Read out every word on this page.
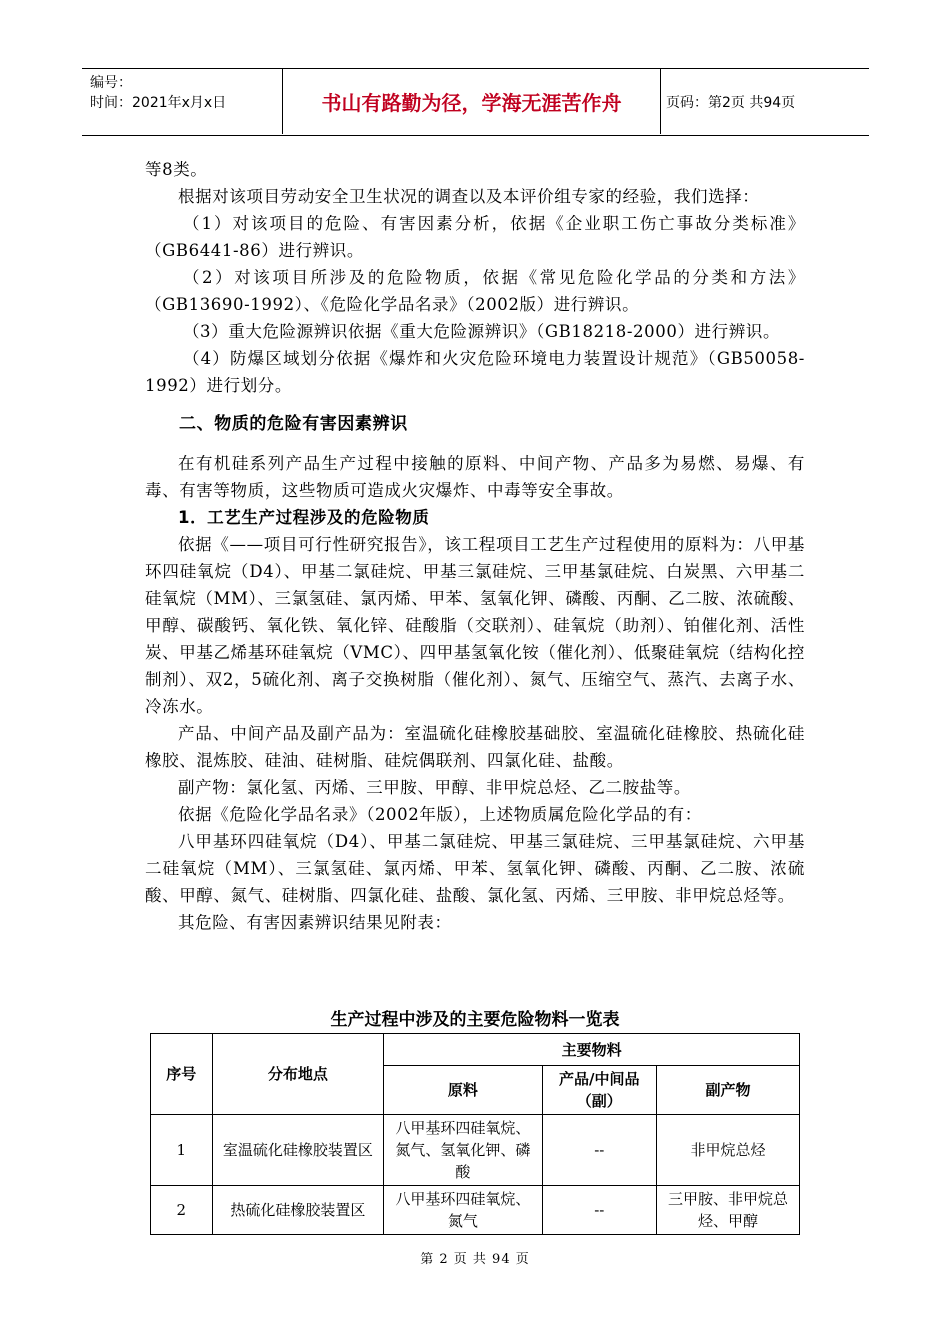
编号：
时间：2021年x月x日	书山有路勤为径，学海无涯苦作舟	页码：第2页 共94页

等8类。

根据对该项目劳动安全卫生状况的调查以及本评价组专家的经验，我们选择：

（1）对该项目的危险、有害因素分析，依据《企业职工伤亡事故分类标准》（GB6441-86）进行辨识。

（2）对该项目所涉及的危险物质，依据《常见危险化学品的分类和方法》（GB13690-1992）、《危险化学品名录》（2002版）进行辨识。

（3）重大危险源辨识依据《重大危险源辨识》（GB18218-2000）进行辨识。

（4）防爆区域划分依据《爆炸和火灾危险环境电力装置设计规范》（GB50058-1992）进行划分。

二、物质的危险有害因素辨识

在有机硅系列产品生产过程中接触的原料、中间产物、产品多为易燃、易爆、有毒、有害等物质，这些物质可造成火灾爆炸、中毒等安全事故。

1．工艺生产过程涉及的危险物质

依据《——项目可行性研究报告》，该工程项目工艺生产过程使用的原料为：八甲基环四硅氧烷（D4）、甲基二氯硅烷、甲基三氯硅烷、三甲基氯硅烷、白炭黑、六甲基二硅氧烷（MM）、三氯氢硅、氯丙烯、甲苯、氢氧化钾、磷酸、丙酮、乙二胺、浓硫酸、甲醇、碳酸钙、氧化铁、氧化锌、硅酸脂（交联剂）、硅氧烷（助剂）、铂催化剂、活性炭、甲基乙烯基环硅氧烷（VMC）、四甲基氢氧化铵（催化剂）、低聚硅氧烷（结构化控制剂）、双2，5硫化剂、离子交换树脂（催化剂）、氮气、压缩空气、蒸汽、去离子水、冷冻水。

产品、中间产品及副产品为：室温硫化硅橡胶基础胶、室温硫化硅橡胶、热硫化硅橡胶、混炼胶、硅油、硅树脂、硅烷偶联剂、四氯化硅、盐酸。

副产物：氯化氢、丙烯、三甲胺、甲醇、非甲烷总烃、乙二胺盐等。

依据《危险化学品名录》（2002年版），上述物质属危险化学品的有：

八甲基环四硅氧烷（D4）、甲基二氯硅烷、甲基三氯硅烷、三甲基氯硅烷、六甲基二硅氧烷（MM）、三氯氢硅、氯丙烯、甲苯、氢氧化钾、磷酸、丙酮、乙二胺、浓硫酸、甲醇、氮气、硅树脂、四氯化硅、盐酸、氯化氢、丙烯、三甲胺、非甲烷总烃等。

其危险、有害因素辨识结果见附表：

生产过程中涉及的主要危险物料一览表
序号	分布地点	主要物料		
		原料	产品/中间品（副）	副产物
1	室温硫化硅橡胶装置区	八甲基环四硅氧烷、氮气、氢氧化钾、磷酸	--	非甲烷总烃
2	热硫化硅橡胶装置区	八甲基环四硅氧烷、氮气	--	三甲胺、非甲烷总烃、甲醇
第 2 页 共 94 页
